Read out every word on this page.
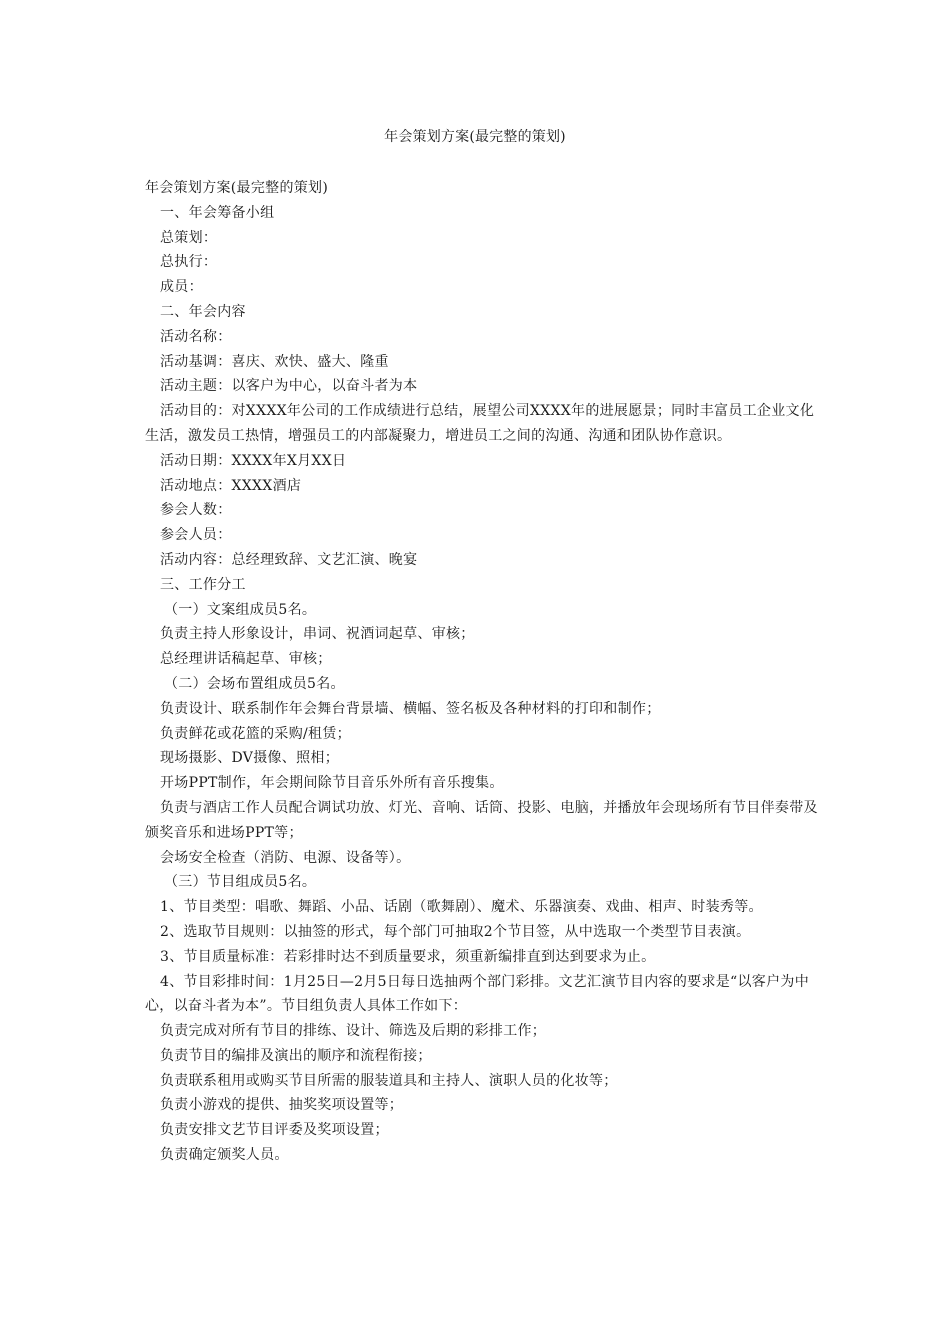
年会策划方案(最完整的策划)

年会策划方案(最完整的策划)

一、年会筹备小组

总策划：

总执行：

成员：

二、年会内容

活动名称：

活动基调：喜庆、欢快、盛大、隆重

活动主题：以客户为中心，以奋斗者为本

活动目的：对XXXX年公司的工作成绩进行总结，展望公司XXXX年的进展愿景；同时丰富员工企业文化生活，激发员工热情，增强员工的内部凝聚力，增进员工之间的沟通、沟通和团队协作意识。

活动日期：XXXX年X月XX日

活动地点：XXXX酒店

参会人数：

参会人员：

活动内容：总经理致辞、文艺汇演、晚宴

三、工作分工

（一）文案组成员5名。

负责主持人形象设计，串词、祝酒词起草、审核；

总经理讲话稿起草、审核；

（二）会场布置组成员5名。

负责设计、联系制作年会舞台背景墙、横幅、签名板及各种材料的打印和制作；

负责鲜花或花篮的采购/租赁；

现场摄影、DV摄像、照相；

开场PPT制作，年会期间除节目音乐外所有音乐搜集。

负责与酒店工作人员配合调试功放、灯光、音响、话筒、投影、电脑，并播放年会现场所有节目伴奏带及颁奖音乐和进场PPT等；

会场安全检查（消防、电源、设备等）。

（三）节目组成员5名。

1、节目类型：唱歌、舞蹈、小品、话剧（歌舞剧）、魔术、乐器演奏、戏曲、相声、时装秀等。

2、选取节目规则：以抽签的形式，每个部门可抽取2个节目签，从中选取一个类型节目表演。

3、节目质量标准：若彩排时达不到质量要求，须重新编排直到达到要求为止。

4、节目彩排时间：1月25日—2月5日每日选抽两个部门彩排。文艺汇演节目内容的要求是“以客户为中心，以奋斗者为本”。节目组负责人具体工作如下：

负责完成对所有节目的排练、设计、筛选及后期的彩排工作；

负责节目的编排及演出的顺序和流程衔接；

负责联系租用或购买节目所需的服装道具和主持人、演职人员的化妆等；

负责小游戏的提供、抽奖奖项设置等；

负责安排文艺节目评委及奖项设置；

负责确定颁奖人员。
